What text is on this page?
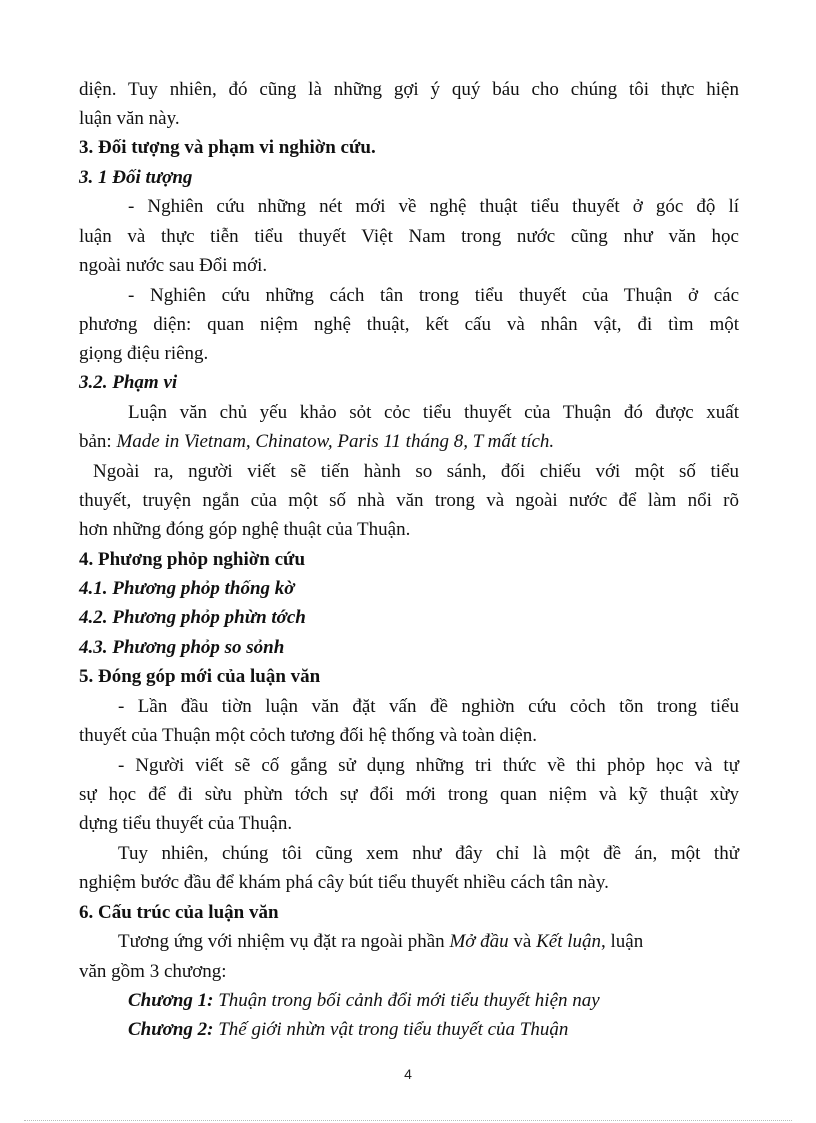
diện. Tuy nhiên, đó cũng là những gợi ý quý báu cho chúng tôi thực hiện
luận văn này.
3. Đối tượng và phạm vi nghiờn cứu.
3. 1 Đối tượng
- Nghiên cứu những nét mới về nghệ thuật tiểu thuyết ở góc độ lí
luận và thực tiễn tiểu thuyết Việt Nam trong nước cũng như văn học
ngoài nước sau Đổi mới.
- Nghiên cứu những cách tân trong tiểu thuyết của Thuận ở các
phương diện: quan niệm nghệ thuật, kết cấu và nhân vật, đi tìm một
giọng điệu riêng.
3.2. Phạm vi
Luận văn chủ yếu khảo sỏt cỏc tiểu thuyết của Thuận đó được xuất
bản: Made in Vietnam, Chinatow, Paris 11 tháng 8, T mất tích.
Ngoài ra, người viết sẽ tiến hành so sánh, đối chiếu với một số tiểu
thuyết, truyện ngắn của một số nhà văn trong và ngoài nước để làm nổi rõ
hơn những đóng góp nghệ thuật của Thuận.
4. Phương phỏp nghiờn cứu
4.1. Phương phỏp thống kờ
4.2. Phương phỏp phừn tớch
4.3. Phương phỏp so sỏnh
5. Đóng góp mới của luận văn
- Lần đầu tiờn luận văn đặt vấn đề nghiờn cứu cỏch tõn trong tiểu
thuyết của Thuận một cỏch tương đối hệ thống và toàn diện.
- Người viết sẽ cố gắng sử dụng những tri thức về thi phỏp học và tự
sự học để đi sừu phừn tớch sự đổi mới trong quan niệm và kỹ thuật xừy
dựng tiểu thuyết của Thuận.
Tuy nhiên, chúng tôi cũng xem như đây chỉ là một đề án, một thử
nghiệm bước đầu để khám phá cây bút tiểu thuyết nhiều cách tân này.
6. Cấu trúc của luận văn
Tương ứng với nhiệm vụ đặt ra ngoài phần Mở đầu và Kết luận, luận
văn gồm 3 chương:
Chương 1: Thuận trong bối cảnh đổi mới tiểu thuyết hiện nay
Chương 2: Thế giới nhừn vật trong tiểu thuyết của Thuận
4
